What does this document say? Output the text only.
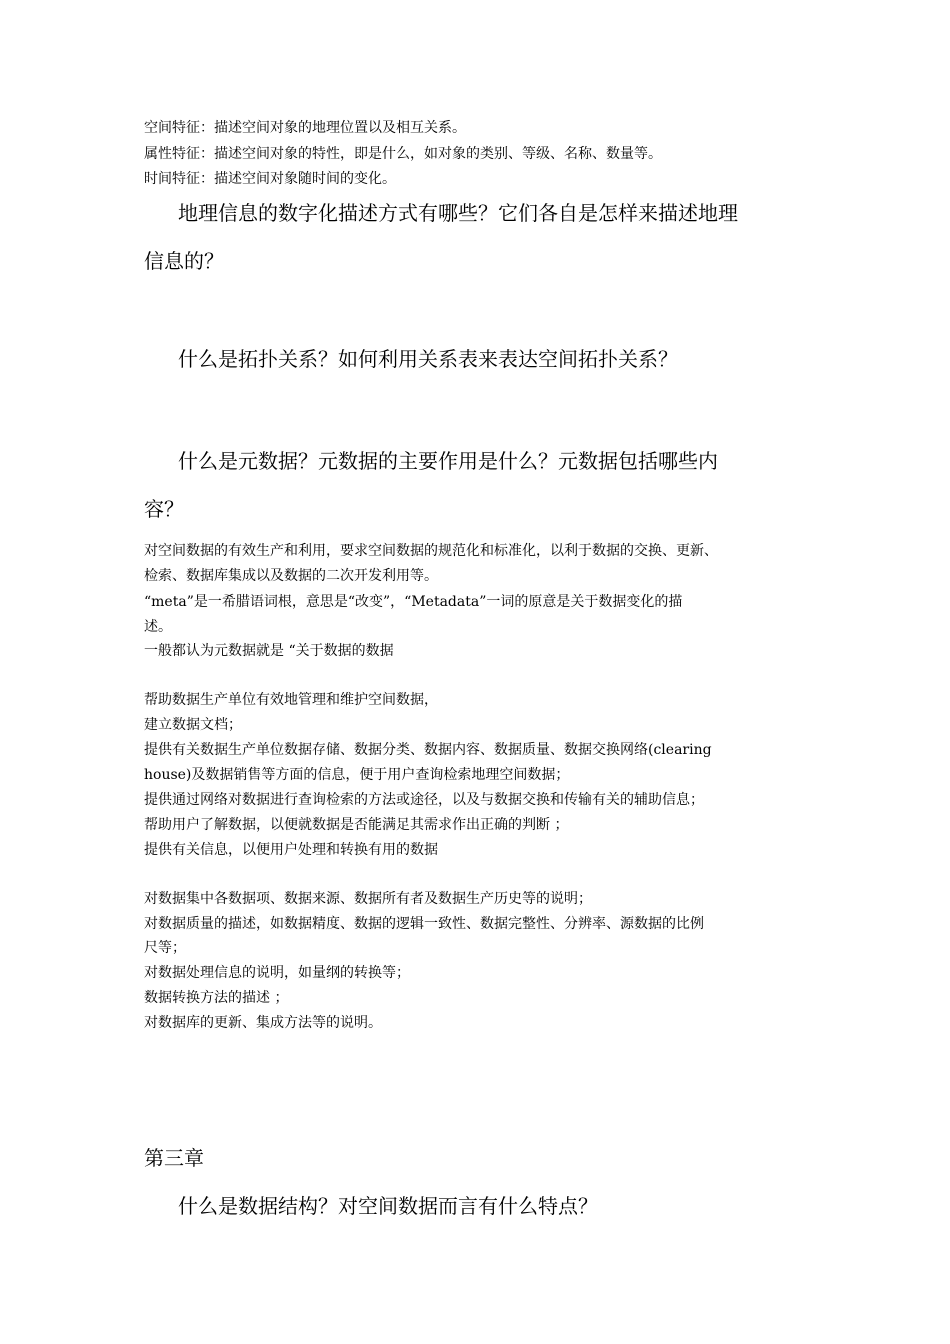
空间特征：描述空间对象的地理位置以及相互关系。

属性特征：描述空间对象的特性，即是什么，如对象的类别、等级、名称、数量等。

时间特征：描述空间对象随时间的变化。

地理信息的数字化描述方式有哪些？它们各自是怎样来描述地理

信息的？

什么是拓扑关系？如何利用关系表来表达空间拓扑关系？

什么是元数据？元数据的主要作用是什么？元数据包括哪些内

容？

对空间数据的有效生产和利用，要求空间数据的规范化和标准化，以利于数据的交换、更新、

检索、数据库集成以及数据的二次开发利用等。

“meta”是一希腊语词根，意思是“改变”，“Metadata”一词的原意是关于数据变化的描

述。

一般都认为元数据就是 “关于数据的数据

帮助数据生产单位有效地管理和维护空间数据，

建立数据文档；

提供有关数据生产单位数据存储、数据分类、数据内容、数据质量、数据交换网络(clearing

house)及数据销售等方面的信息，便于用户查询检索地理空间数据；

提供通过网络对数据进行查询检索的方法或途径，以及与数据交换和传输有关的辅助信息；

帮助用户了解数据，以便就数据是否能满足其需求作出正确的判断 ；

提供有关信息，以便用户处理和转换有用的数据

对数据集中各数据项、数据来源、数据所有者及数据生产历史等的说明；

对数据质量的描述，如数据精度、数据的逻辑一致性、数据完整性、分辨率、源数据的比例

尺等；

对数据处理信息的说明，如量纲的转换等；

数据转换方法的描述 ；

对数据库的更新、集成方法等的说明。

第三章

什么是数据结构？对空间数据而言有什么特点？
